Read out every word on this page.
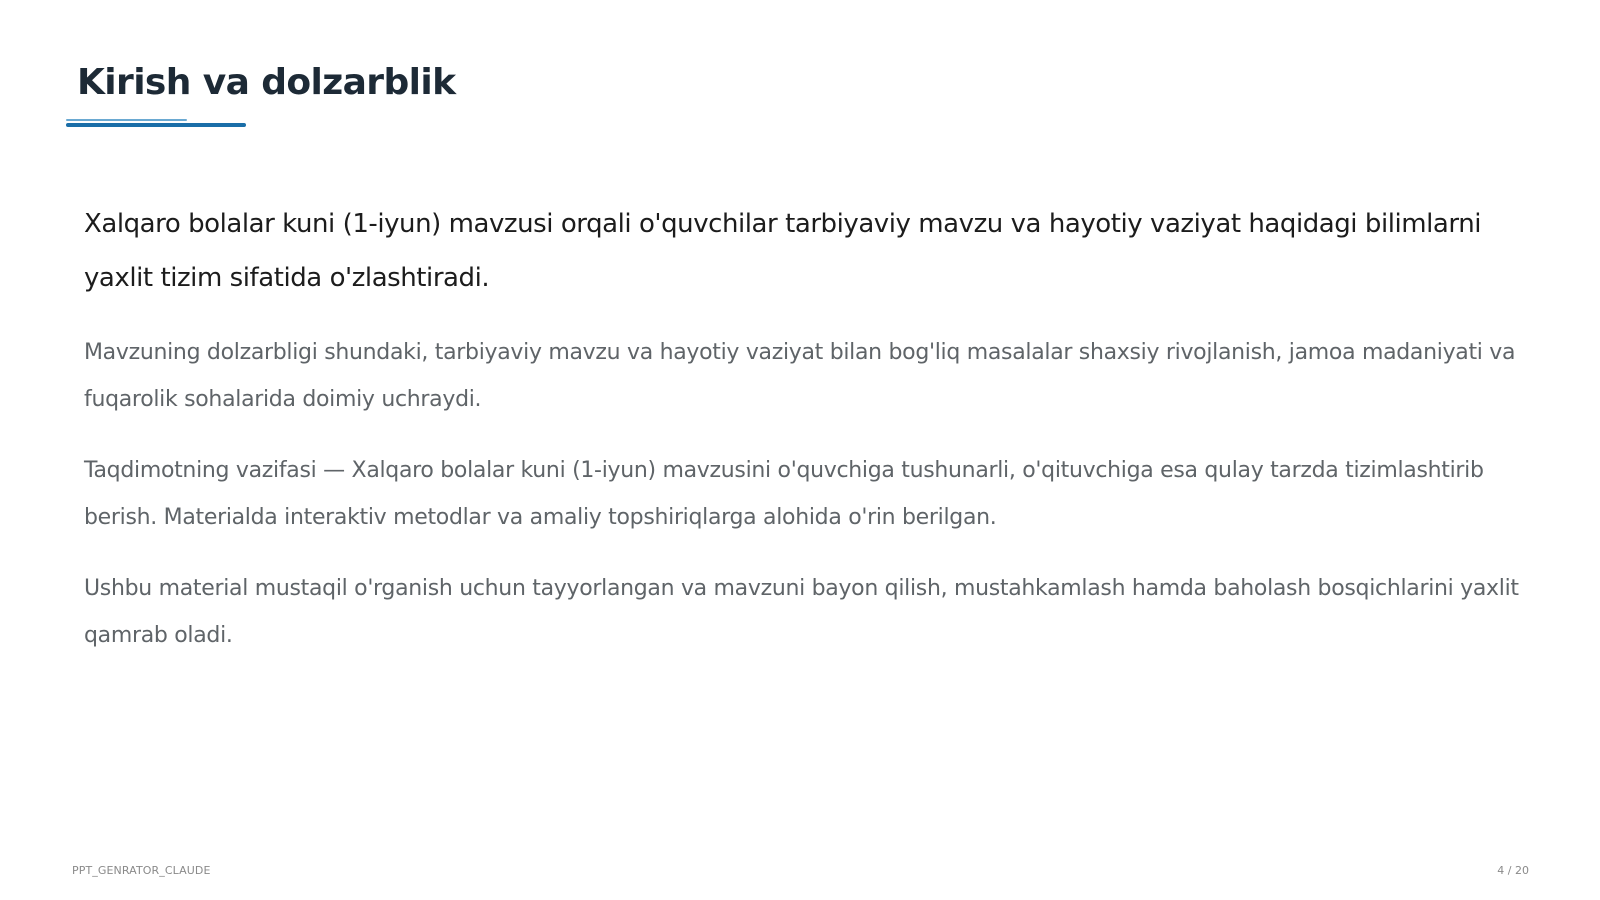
Kirish va dolzarblik

Xalqaro bolalar kuni (1-iyun) mavzusi orqali o'quvchilar tarbiyaviy mavzu va hayotiy vaziyat haqidagi bilimlarni yaxlit tizim sifatida o'zlashtiradi.

Mavzuning dolzarbligi shundaki, tarbiyaviy mavzu va hayotiy vaziyat bilan bog'liq masalalar shaxsiy rivojlanish, jamoa madaniyati va fuqarolik sohalarida doimiy uchraydi.

Taqdimotning vazifasi — Xalqaro bolalar kuni (1-iyun) mavzusini o'quvchiga tushunarli, o'qituvchiga esa qulay tarzda tizimlashtirib berish. Materialda interaktiv metodlar va amaliy topshiriqlarga alohida o'rin berilgan.

Ushbu material mustaqil o'rganish uchun tayyorlangan va mavzuni bayon qilish, mustahkamlash hamda baholash bosqichlarini yaxlit qamrab oladi.

PPT_GENRATOR_CLAUDE	4 / 20
